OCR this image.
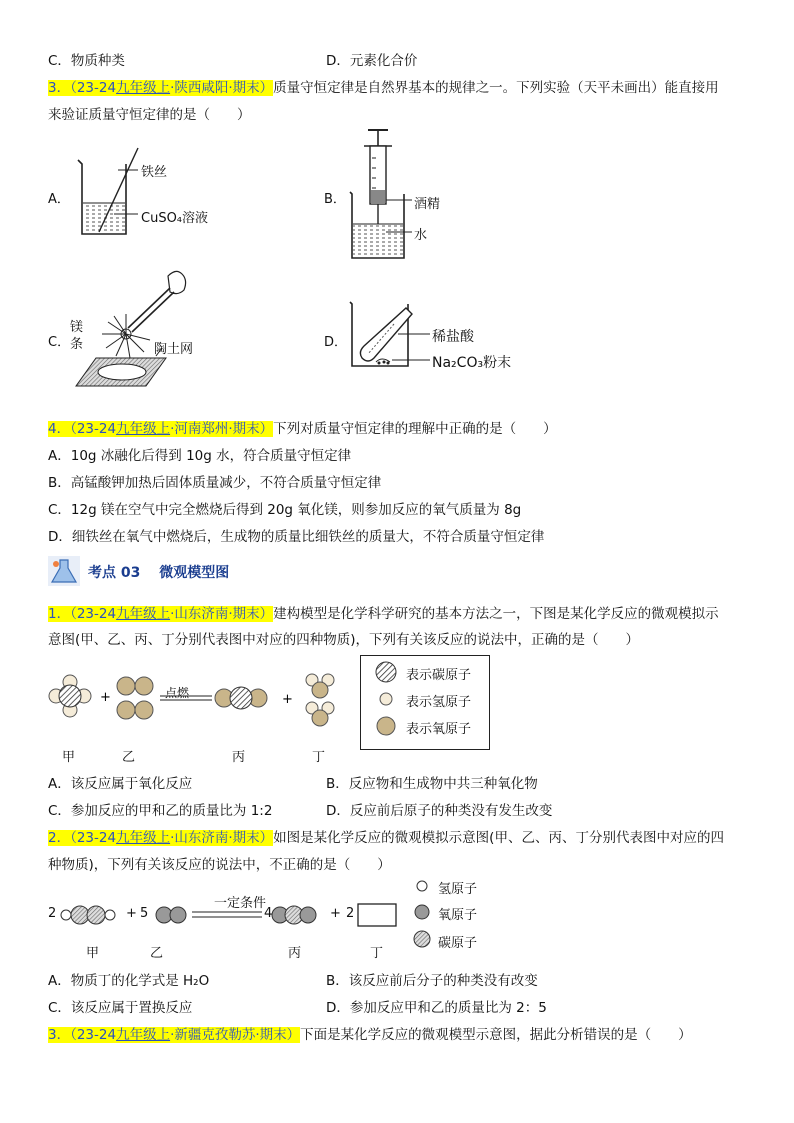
C．物质种类	D．元素化合价
3．（23-24九年级上·陕西咸阳·期末）质量守恒定律是自然界基本的规律之一。下列实验（天平未画出）能直接用
来验证质量守恒定律的是（　　）
A．
铁丝
CuSO₄溶液
B．	酒精
水
C．
镁
条	陶土网	D．	稀盐酸
Na₂CO₃粉末
4．（23-24九年级上·河南郑州·期末）下列对质量守恒定律的理解中正确的是（　　）
A．10g 冰融化后得到 10g 水，符合质量守恒定律
B．高锰酸钾加热后固体质量减少，不符合质量守恒定律
C．12g 镁在空气中完全燃烧后得到 20g 氧化镁，则参加反应的氧气质量为 8g
D．细铁丝在氧气中燃烧后，生成物的质量比细铁丝的质量大，不符合质量守恒定律
考点 03 微观模型图
1．（23-24九年级上·山东济南·期末）建构模型是化学科学研究的基本方法之一，下图是某化学反应的微观模拟示
意图(甲、乙、丙、丁分别代表图中对应的四种物质)，下列有关该反应的说法中，正确的是（　　）
+	+
点燃
表示碳原子
表示氢原子
表示氧原子
甲	乙	丙	丁
A．该反应属于氧化反应	B．反应物和生成物中共三种氧化物
C．参加反应的甲和乙的质量比为 1:2	D．反应前后原子的种类没有发生改变
2．（23-24九年级上·山东济南·期末）如图是某化学反应的微观模拟示意图(甲、乙、丙、丁分别代表图中对应的四
种物质)，下列有关该反应的说法中，不正确的是（　　）
2	+ 5
一定条件
4	+ 2
氢原子
氧原子
碳原子
甲	乙	丙	丁
A．物质丁的化学式是 H₂O	B．该反应前后分子的种类没有改变
C．该反应属于置换反应	D．参加反应甲和乙的质量比为 2：5
3．（23-24九年级上·新疆克孜勒苏·期末）下面是某化学反应的微观模型示意图，据此分析错误的是（　　）
